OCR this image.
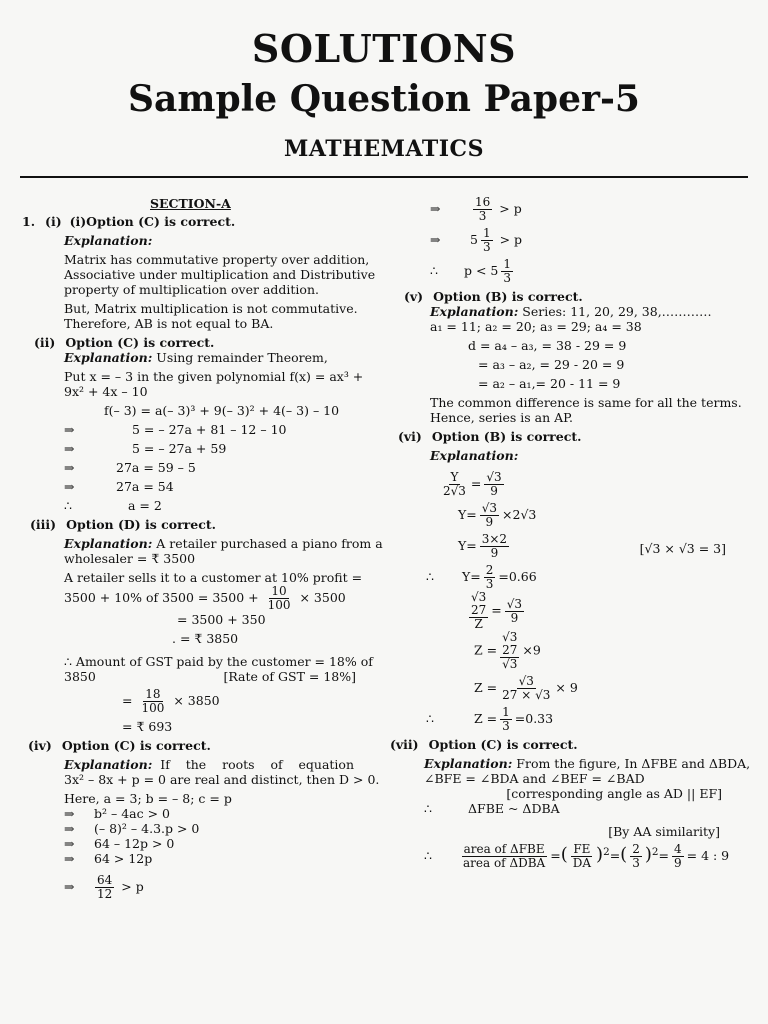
SOLUTIONS
Sample Question Paper-5
MATHEMATICS
SECTION-A
1. (i) (i)Option (C) is correct.
Explanation:
Matrix has commutative property over addition,
Associative under multiplication and Distributive
property of multiplication over addition.
But, Matrix multiplication is not commutative.
Therefore, AB is not equal to BA.
(ii) Option (C) is correct.
Explanation: Using remainder Theorem,
Put x = – 3 in the given polynomial f(x) = ax³ +
9x² + 4x – 10
f(– 3) = a(– 3)³ + 9(– 3)² + 4(– 3) – 10
⇒	5 = – 27a + 81 – 12 – 10
⇒	5 = – 27a + 59
⇒	27a = 59 – 5
⇒	27a = 54
∴	a = 2
(iii) Option (D) is correct.
Explanation: A retailer purchased a piano from a
wholesaler = ₹ 3500
A retailer sells it to a customer at 10% profit =
3500 + 10% of $3500 = 3500 + \frac{10}{100} \times 3500$
= 3500 + 350
. = ₹ 3850
∴ Amount of GST paid by the customer = 18% of
3850	[Rate of GST = 18%]
= $\frac{18}{100} \times 3850$
= ₹ 693
(iv) Option (C) is correct.
Explanation:  If    the    roots    of    equation
3x² – 8x + p = 0 are real and distinct, then D > 0.
Here, a = 3; b = – 8; c = p
⇒ b² – 4ac > 0
⇒ (– 8)² – 4.3.p > 0
⇒ 64 – 12p > 0
⇒ 64 > 12p
⇒ $\frac{64}{12} > p$
⇒	$\frac{16}{3} > p$
⇒ $5 \frac{1}{3} > p$
∴ $p < 5 \frac{1}{3}$
(v) Option (B) is correct.
Explanation: Series: 11, 20, 29, 38,…………
a₁ = 11; a₂ = 20; a₃ = 29; a₄ = 38
d = a₄ – a₃, = 38 - 29 = 9
= a₃ – a₂, = 29 - 20 = 9
= a₂ – a₁,= 20 - 11 = 9
The common difference is same for all the terms.
Hence, series is an AP.
(vi) Option (B) is correct.
Explanation:
$\frac{Y}{2√3} = \frac{√3}{9}$
$Y= \frac{√3}{9} \times 2√3$
$Y= \frac{3\times 2}{9}$	[√3 × √3 = 3]
∴ $Y= \frac{2}{3} =0.66$
√3
27
Z
= $\frac{√3}{9}$
Z =
√3
27
√3
×9
$Z = \frac{√3}{27 \times √3} \times 9$
∴	$Z = \frac{1}{3} =0.33$
(vii) Option (C) is correct.
Explanation: From the figure, In ΔFBE and ΔBDA,
∠BFE = ∠BDA and ∠BEF = ∠BAD
[corresponding angle as AD || EF]
∴	ΔFBE ~ ΔDBA
[By AA similarity]
∴ $\frac{\text{area of ΔFBE}}{\text{area of ΔDBA}}$ =( $\frac{FE}{DA} )^2=( \frac{2}{3} )^2= \frac{4}{9} = 4$ : 9
